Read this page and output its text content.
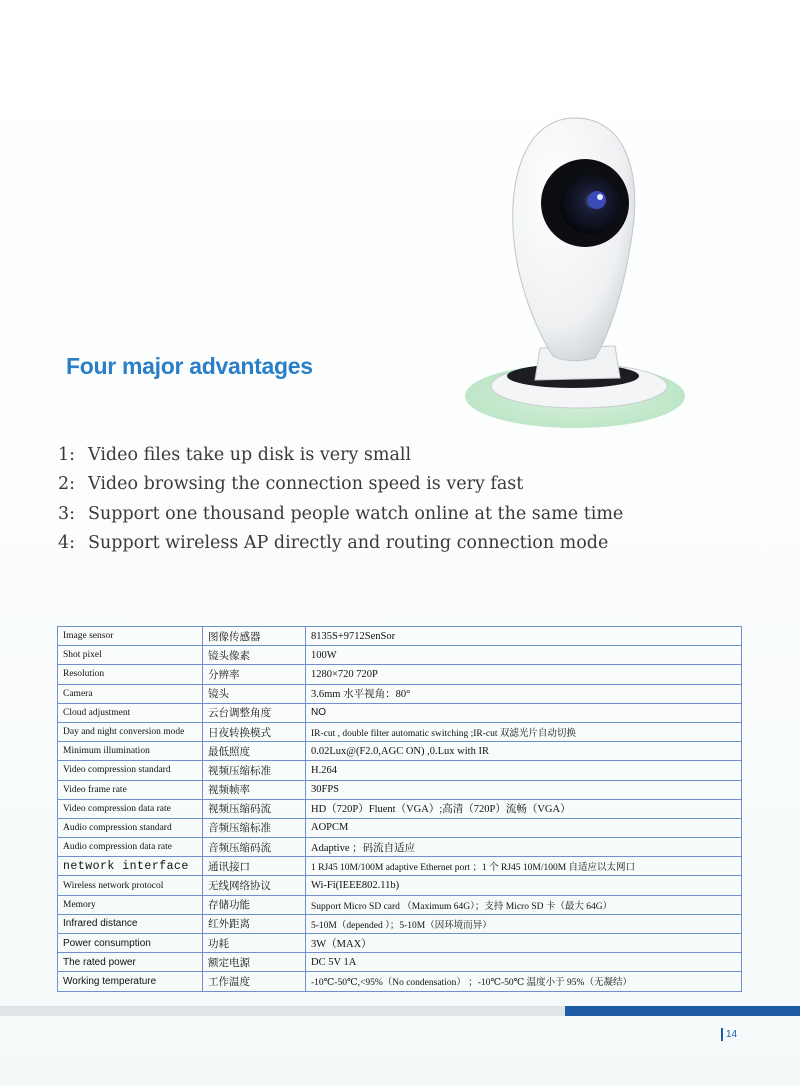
Four major advantages
1: Video files take up disk is very small
2: Video browsing the connection speed is very fast
3: Support one thousand people watch online at the same time
4: Support wireless AP directly and routing connection mode
Image sensor	图像传感器	8135S+9712SenSor
Shot pixel	镜头像素	100W
Resolution	分辨率	1280×720 720P
Camera	镜头	3.6mm 水平视角：80°
Cloud adjustment	云台调整角度	NO
Day and night conversion mode	日夜转换模式	IR-cut , double filter automatic switching ;IR-cut 双滤光片自动切换
Minimum illumination	最低照度	0.02Lux@(F2.0,AGC ON) ,0.Lux with IR
Video compression standard	视频压缩标准	H.264
Video frame rate	视频帧率	30FPS
Video compression data rate	视频压缩码流	HD（720P）Fluent（VGA）;高清（720P）流畅（VGA）
Audio compression standard	音频压缩标准	AOPCM
Audio compression data rate	音频压缩码流	Adaptive ；码流自适应
network interface	通讯接口	1 RJ45 10M/100M adaptive Ethernet port ；1 个 RJ45 10M/100M 自适应以太网口
Wireless network protocol	无线网络协议	Wi-Fi(IEEE802.11b)
Memory	存储功能	Support Micro SD card （Maximum 64G）；支持 Micro SD 卡（最大 64G）
Infrared distance	红外距离	5-10M（depended ）；5-10M（因环境而异）
Power consumption	功耗	3W（MAX）
The rated power	额定电源	DC 5V 1A
Working temperature	工作温度	-10℃-50℃,<95%（No condensation） ；-10℃-50℃ 温度小于 95%（无凝结）
14
